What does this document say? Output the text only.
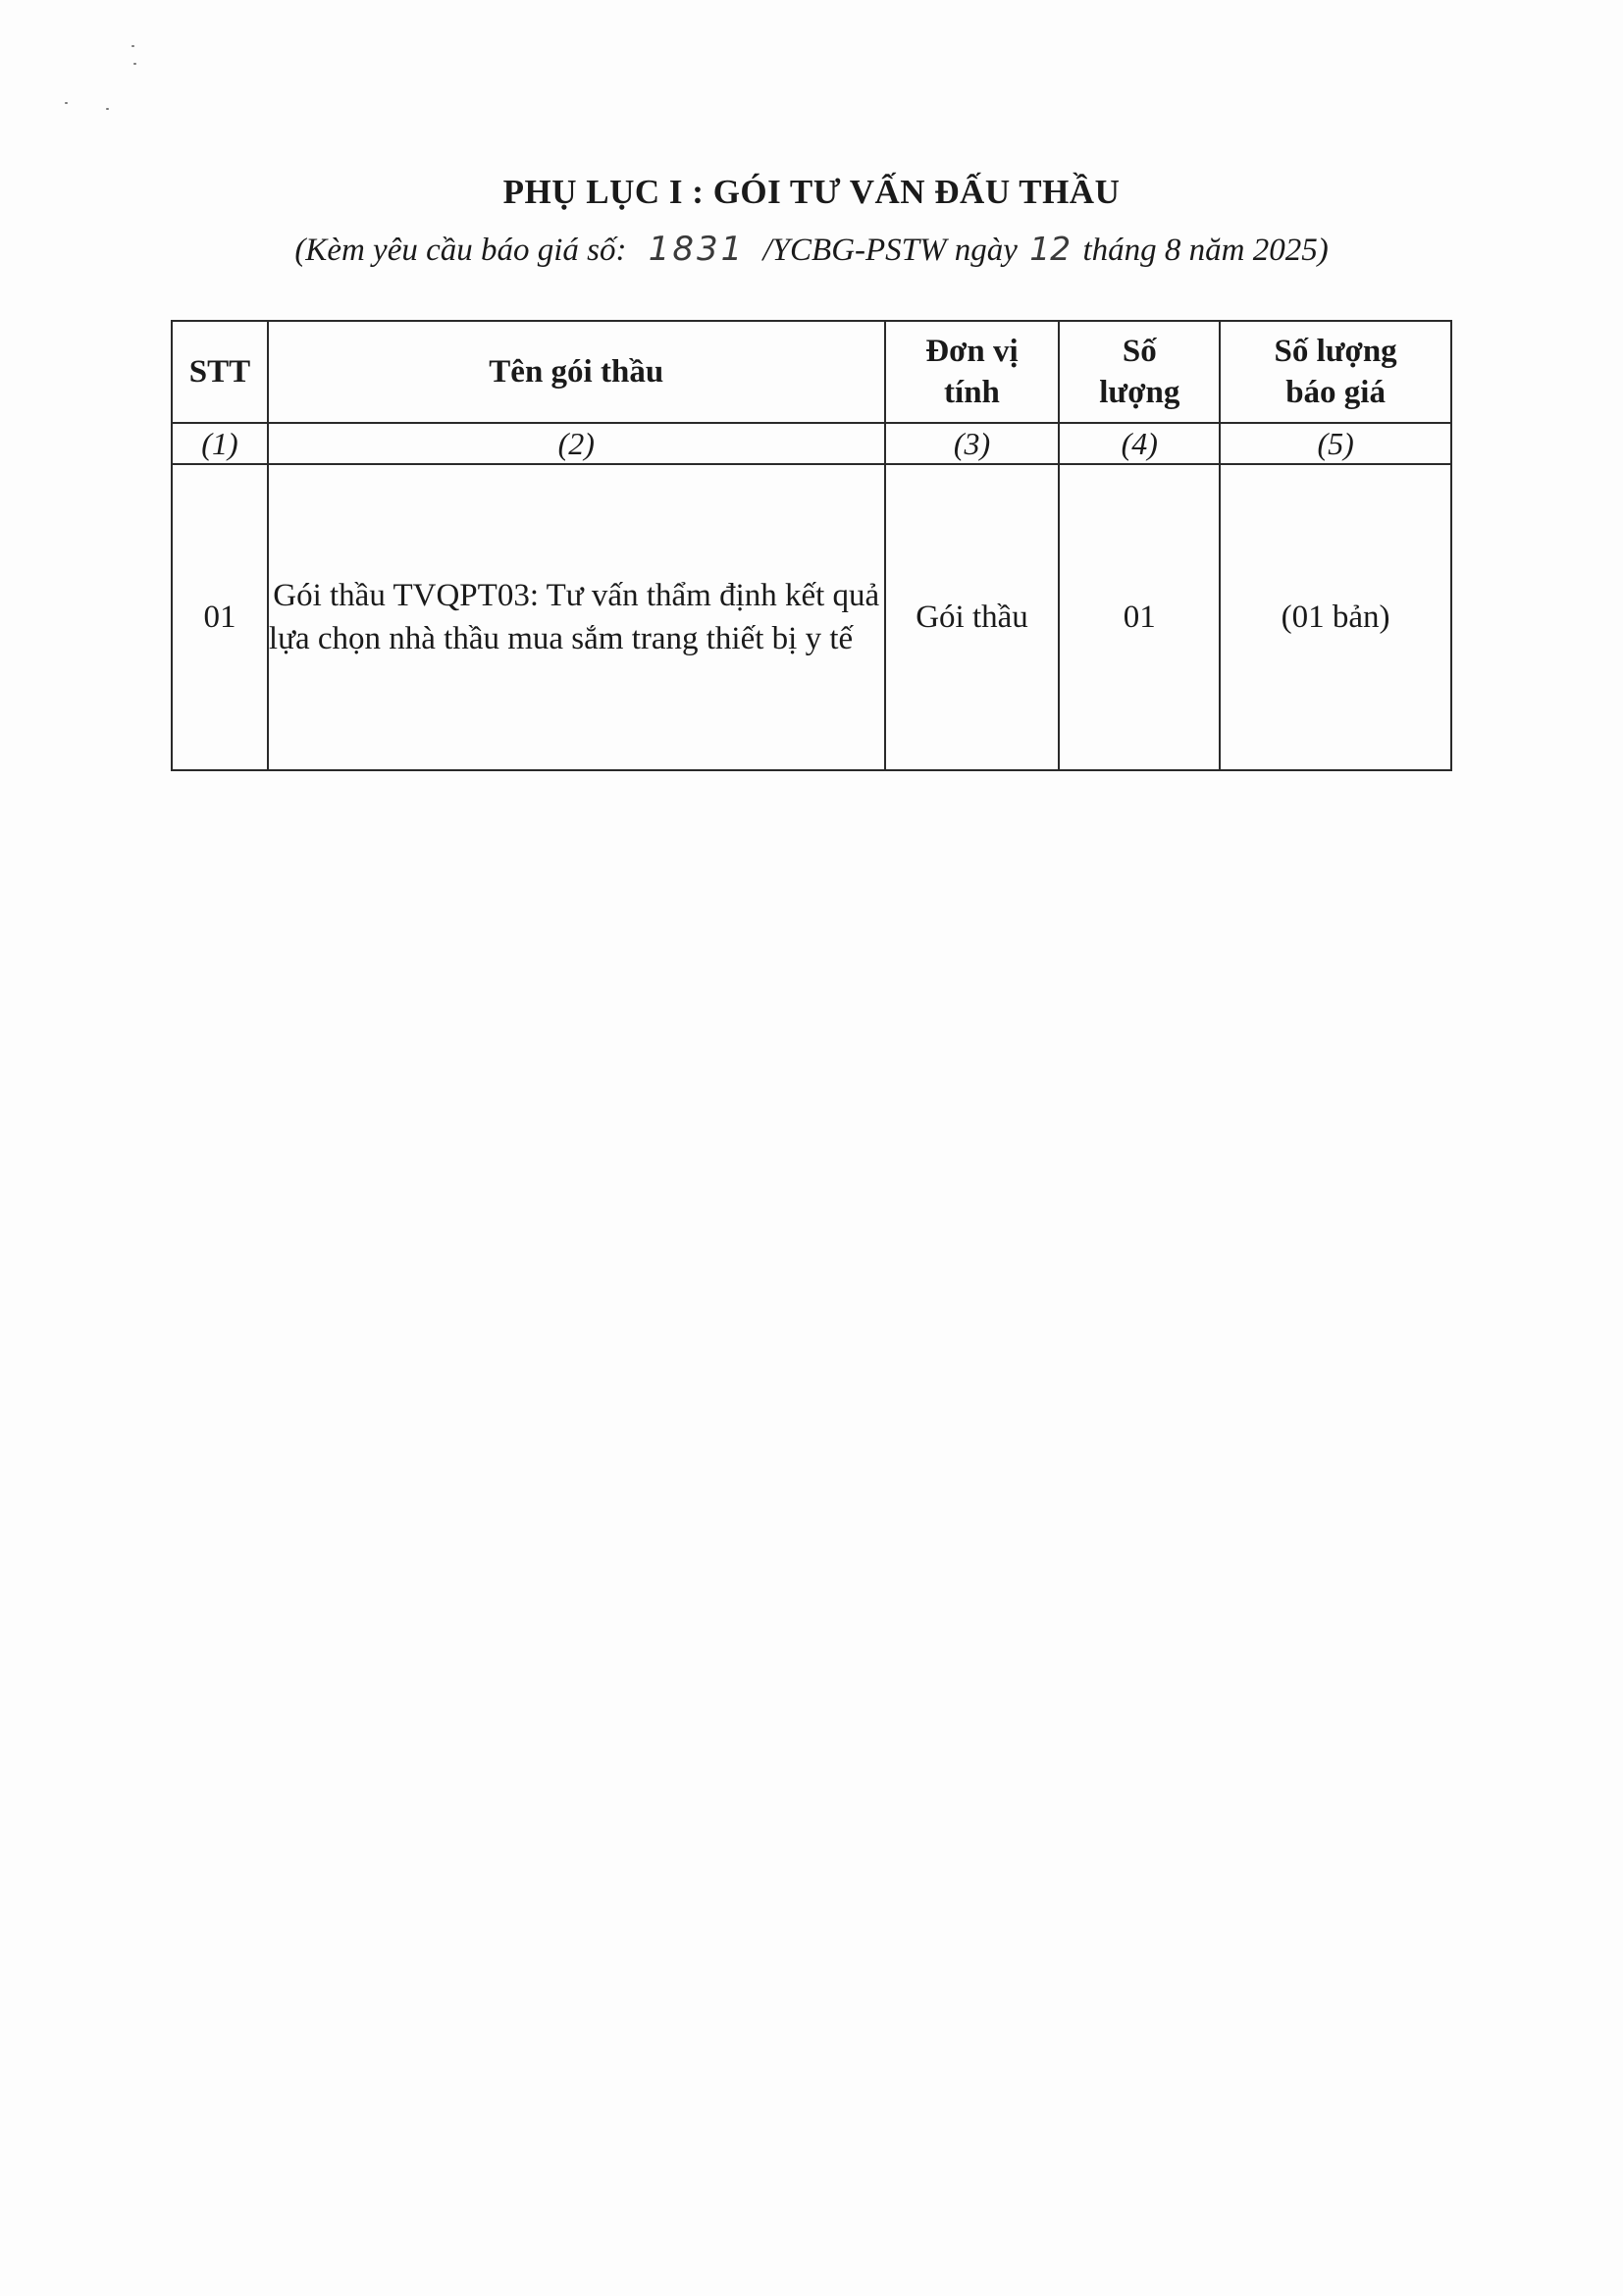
PHỤ LỤC I : GÓI TƯ VẤN ĐẤU THẦU
(Kèm yêu cầu báo giá số: 1831 /YCBG-PSTW ngày 12 tháng 8 năm 2025)
STT	Tên gói thầu	Đơn vị tính	Số lượng	Số lượng báo giá

(1)	(2)	(3)	(4)	(5)
01	Gói thầu TVQPT03: Tư vấn thẩm định kết quả lựa chọn nhà thầu mua sắm trang thiết bị y tế	Gói thầu	01	(01 bản)
